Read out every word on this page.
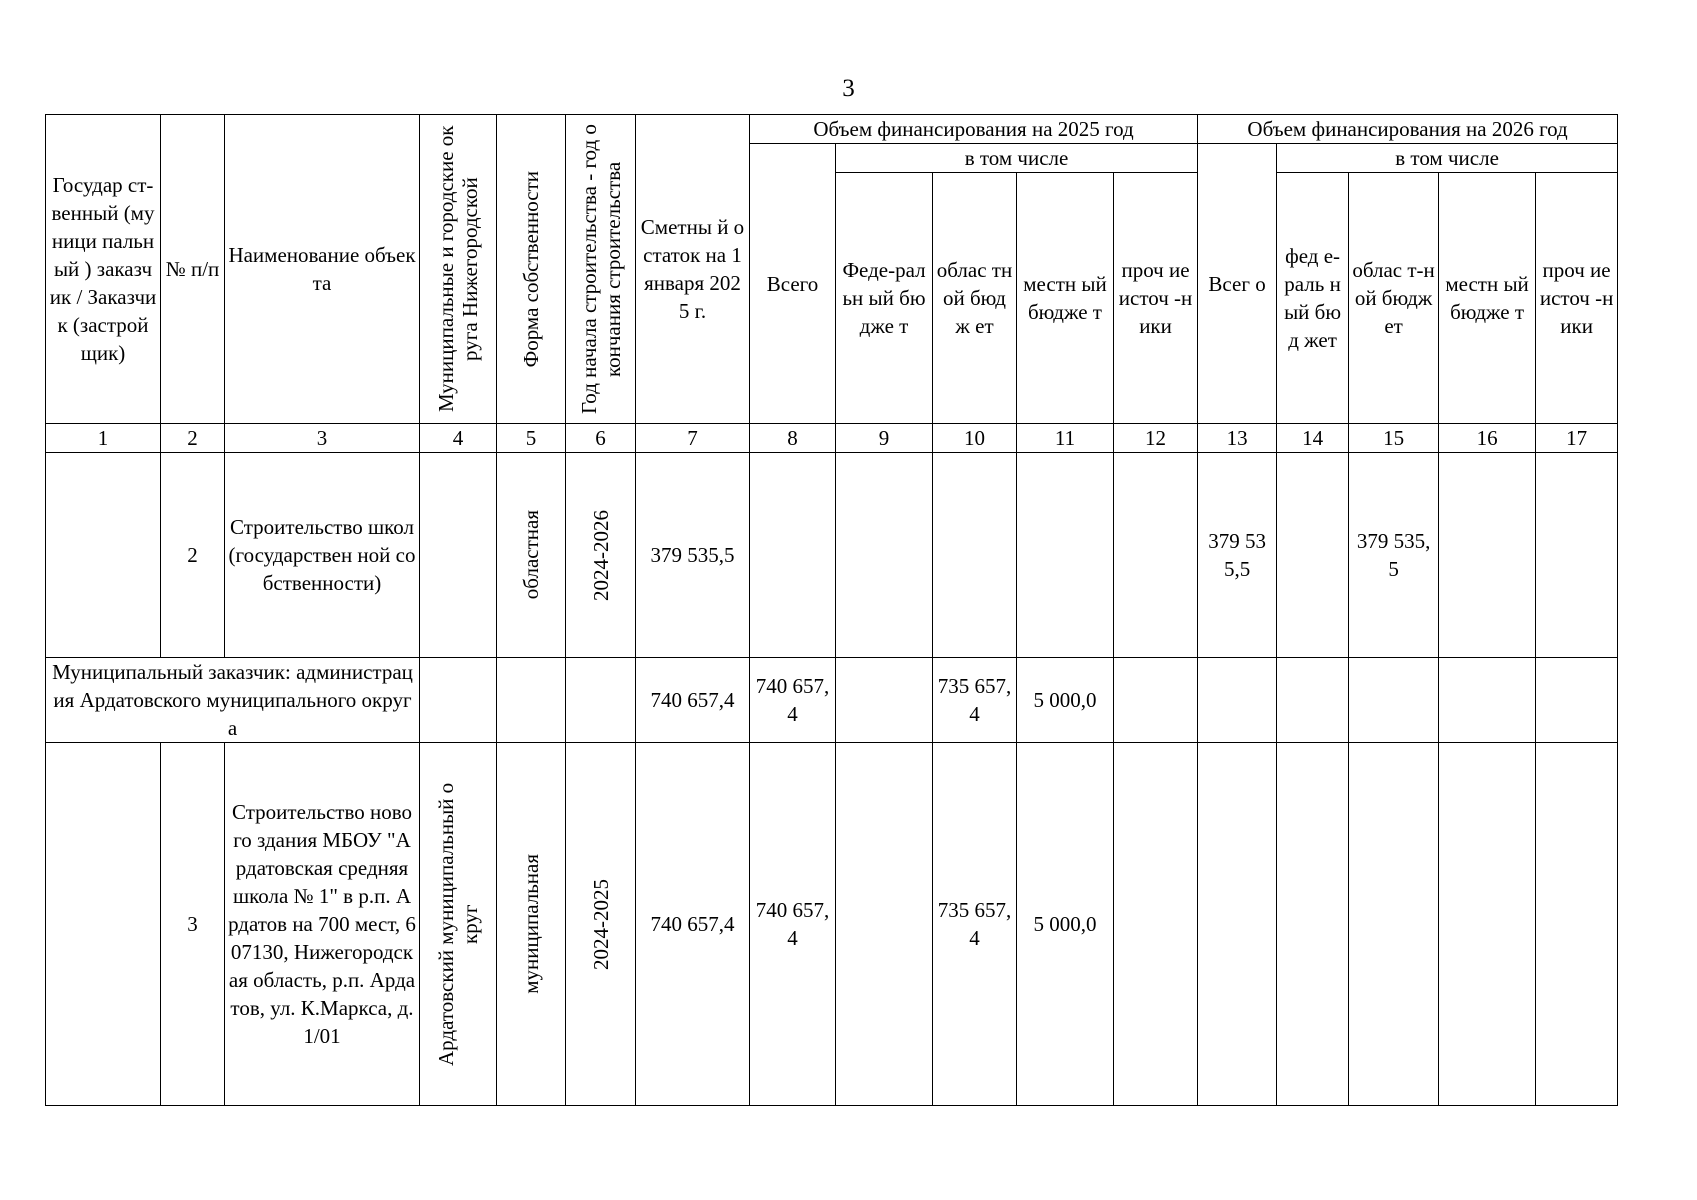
3
Государ ст-венный (муници пальный ) заказчик / Заказчик (застрой щик)	№ п/п	Наименование объекта	Муниципальные и городские округа Нижегородской	Форма собственности	Год начала строительства - год окончания строительства	Сметны й остаток на 1 января 2025 г.	Объем финансирования на 2025 год					Объем финансирования на 2026 год				
							Всего	в том числе				Всег о	в том числе			
								Феде-ральн ый бюдже т	облас тной бюдж ет	местн ый бюдже т	проч ие источ -ники		фед е-раль ный бюд жет	облас т-ной бюдж ет	местн ый бюдже т	проч ие источ -ники
1	2	3	4	5	6	7	8	9	10	11	12	13	14	15	16	17
	2	Строительство школ (государствен ной собственности)		областная	2024-2026	379 535,5						379 535,5		379 535,5		
Муниципальный заказчик: администрация Ардатовского муниципального округа						740 657,4	740 657,4		735 657,4	5 000,0						
	3	Строительство нового здания МБОУ "Ардатовская средняя школа № 1" в р.п. Ардатов на 700 мест, 607130, Нижегородская область, р.п. Ардатов, ул. К.Маркса, д. 1/01	Ардатовский муниципальный округ	муниципальная	2024-2025	740 657,4	740 657,4		735 657,4	5 000,0						
